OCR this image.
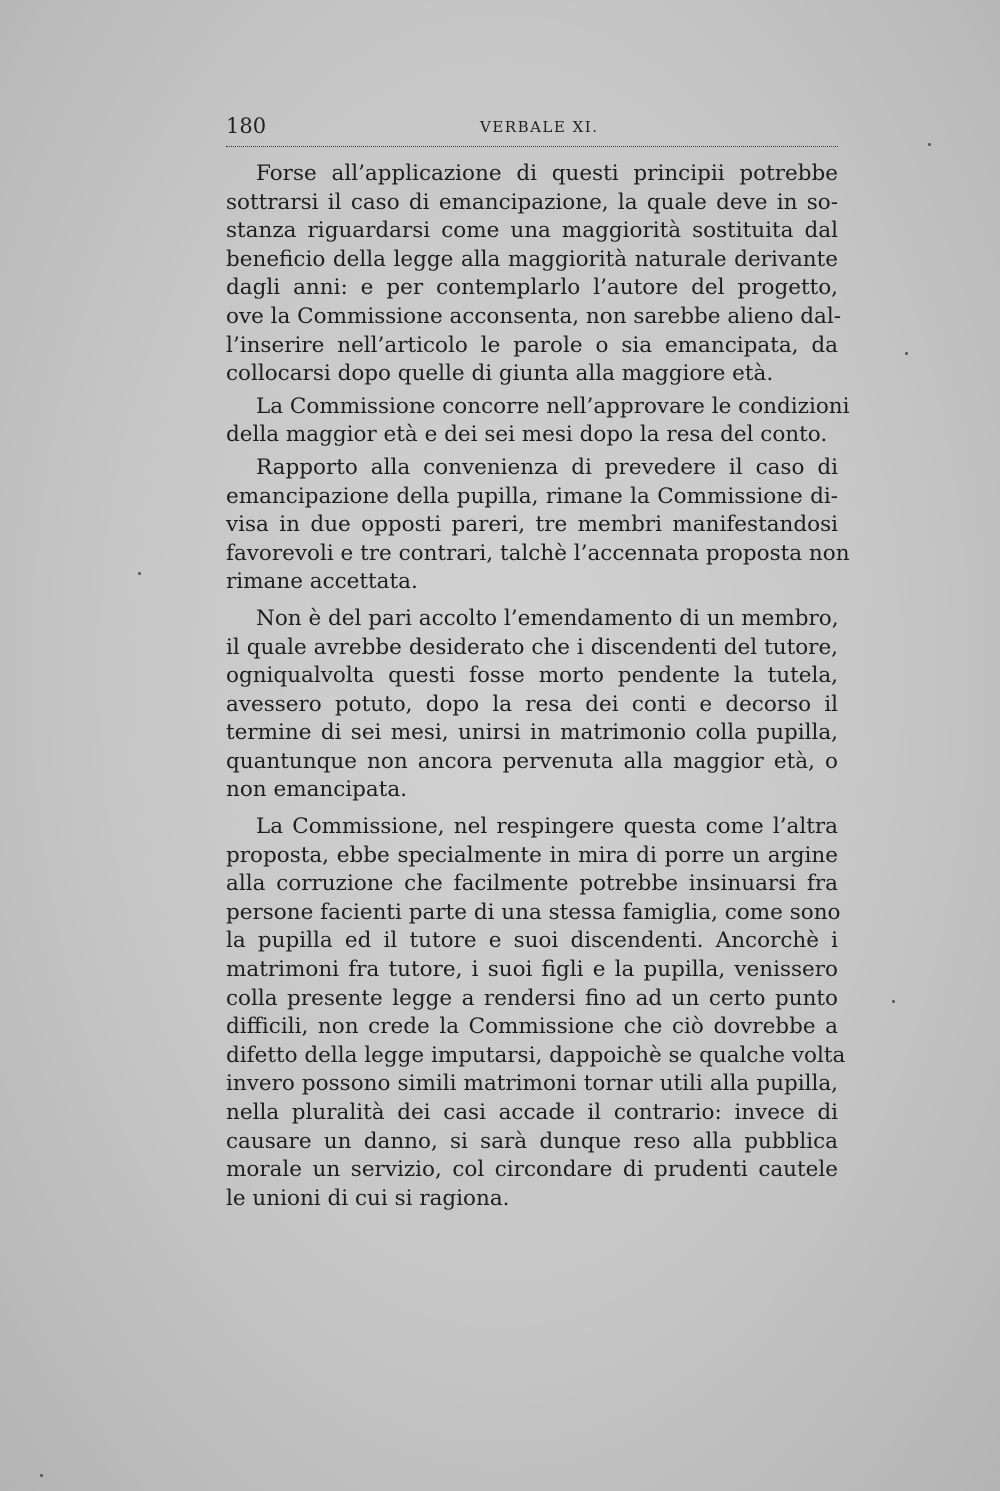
180	VERBALE XI.
Forse all’applicazione di questi principii potrebbe
sottrarsi il caso di emancipazione, la quale deve in so-
stanza riguardarsi come una maggiorità sostituita dal
beneficio della legge alla maggiorità naturale derivante
dagli anni: e per contemplarlo l’autore del progetto,
ove la Commissione acconsenta, non sarebbe alieno dal-
l’inserire nell’articolo le parole o sia emancipata, da
collocarsi dopo quelle di giunta alla maggiore età.
La Commissione concorre nell’approvare le condizioni
della maggior età e dei sei mesi dopo la resa del conto.
Rapporto alla convenienza di prevedere il caso di
emancipazione della pupilla, rimane la Commissione di-
visa in due opposti pareri, tre membri manifestandosi
favorevoli e tre contrari, talchè l’accennata proposta non
rimane accettata.
Non è del pari accolto l’emendamento di un membro,
il quale avrebbe desiderato che i discendenti del tutore,
ogniqualvolta questi fosse morto pendente la tutela,
avessero potuto, dopo la resa dei conti e decorso il
termine di sei mesi, unirsi in matrimonio colla pupilla,
quantunque non ancora pervenuta alla maggior età, o
non emancipata.
La Commissione, nel respingere questa come l’altra
proposta, ebbe specialmente in mira di porre un argine
alla corruzione che facilmente potrebbe insinuarsi fra
persone facienti parte di una stessa famiglia, come sono
la pupilla ed il tutore e suoi discendenti. Ancorchè i
matrimoni fra tutore, i suoi figli e la pupilla, venissero
colla presente legge a rendersi fino ad un certo punto
difficili, non crede la Commissione che ciò dovrebbe a
difetto della legge imputarsi, dappoichè se qualche volta
invero possono simili matrimoni tornar utili alla pupilla,
nella pluralità dei casi accade il contrario: invece di
causare un danno, si sarà dunque reso alla pubblica
morale un servizio, col circondare di prudenti cautele
le unioni di cui si ragiona.
